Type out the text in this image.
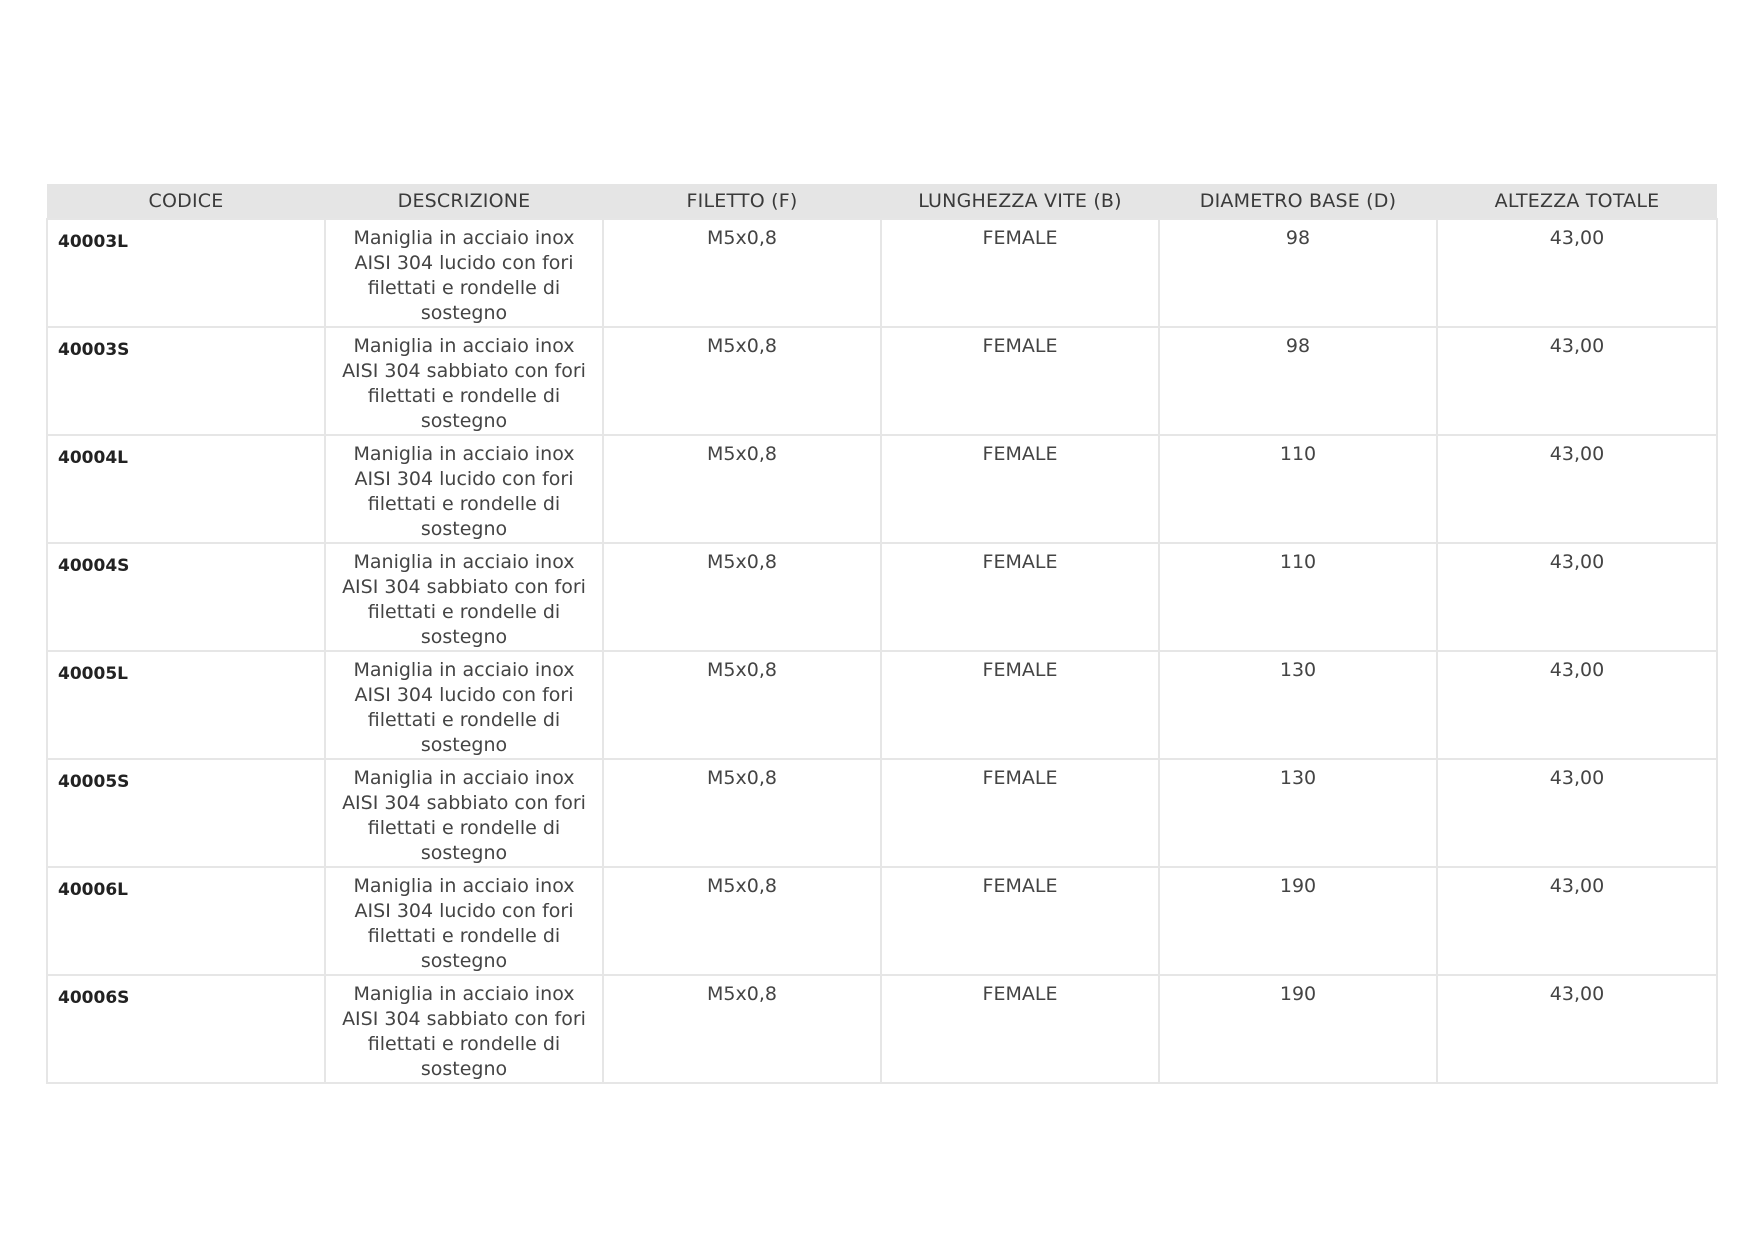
CODICE	DESCRIZIONE	FILETTO (F)	LUNGHEZZA VITE (B)	DIAMETRO BASE (D)	ALTEZZA TOTALE
40003L	Maniglia in acciaio inox AISI 304 lucido con fori filettati e rondelle di sostegno	M5x0,8	FEMALE	98	43,00
40003S	Maniglia in acciaio inox AISI 304 sabbiato con fori filettati e rondelle di sostegno	M5x0,8	FEMALE	98	43,00
40004L	Maniglia in acciaio inox AISI 304 lucido con fori filettati e rondelle di sostegno	M5x0,8	FEMALE	110	43,00
40004S	Maniglia in acciaio inox AISI 304 sabbiato con fori filettati e rondelle di sostegno	M5x0,8	FEMALE	110	43,00
40005L	Maniglia in acciaio inox AISI 304 lucido con fori filettati e rondelle di sostegno	M5x0,8	FEMALE	130	43,00
40005S	Maniglia in acciaio inox AISI 304 sabbiato con fori filettati e rondelle di sostegno	M5x0,8	FEMALE	130	43,00
40006L	Maniglia in acciaio inox AISI 304 lucido con fori filettati e rondelle di sostegno	M5x0,8	FEMALE	190	43,00
40006S	Maniglia in acciaio inox AISI 304 sabbiato con fori filettati e rondelle di sostegno	M5x0,8	FEMALE	190	43,00
